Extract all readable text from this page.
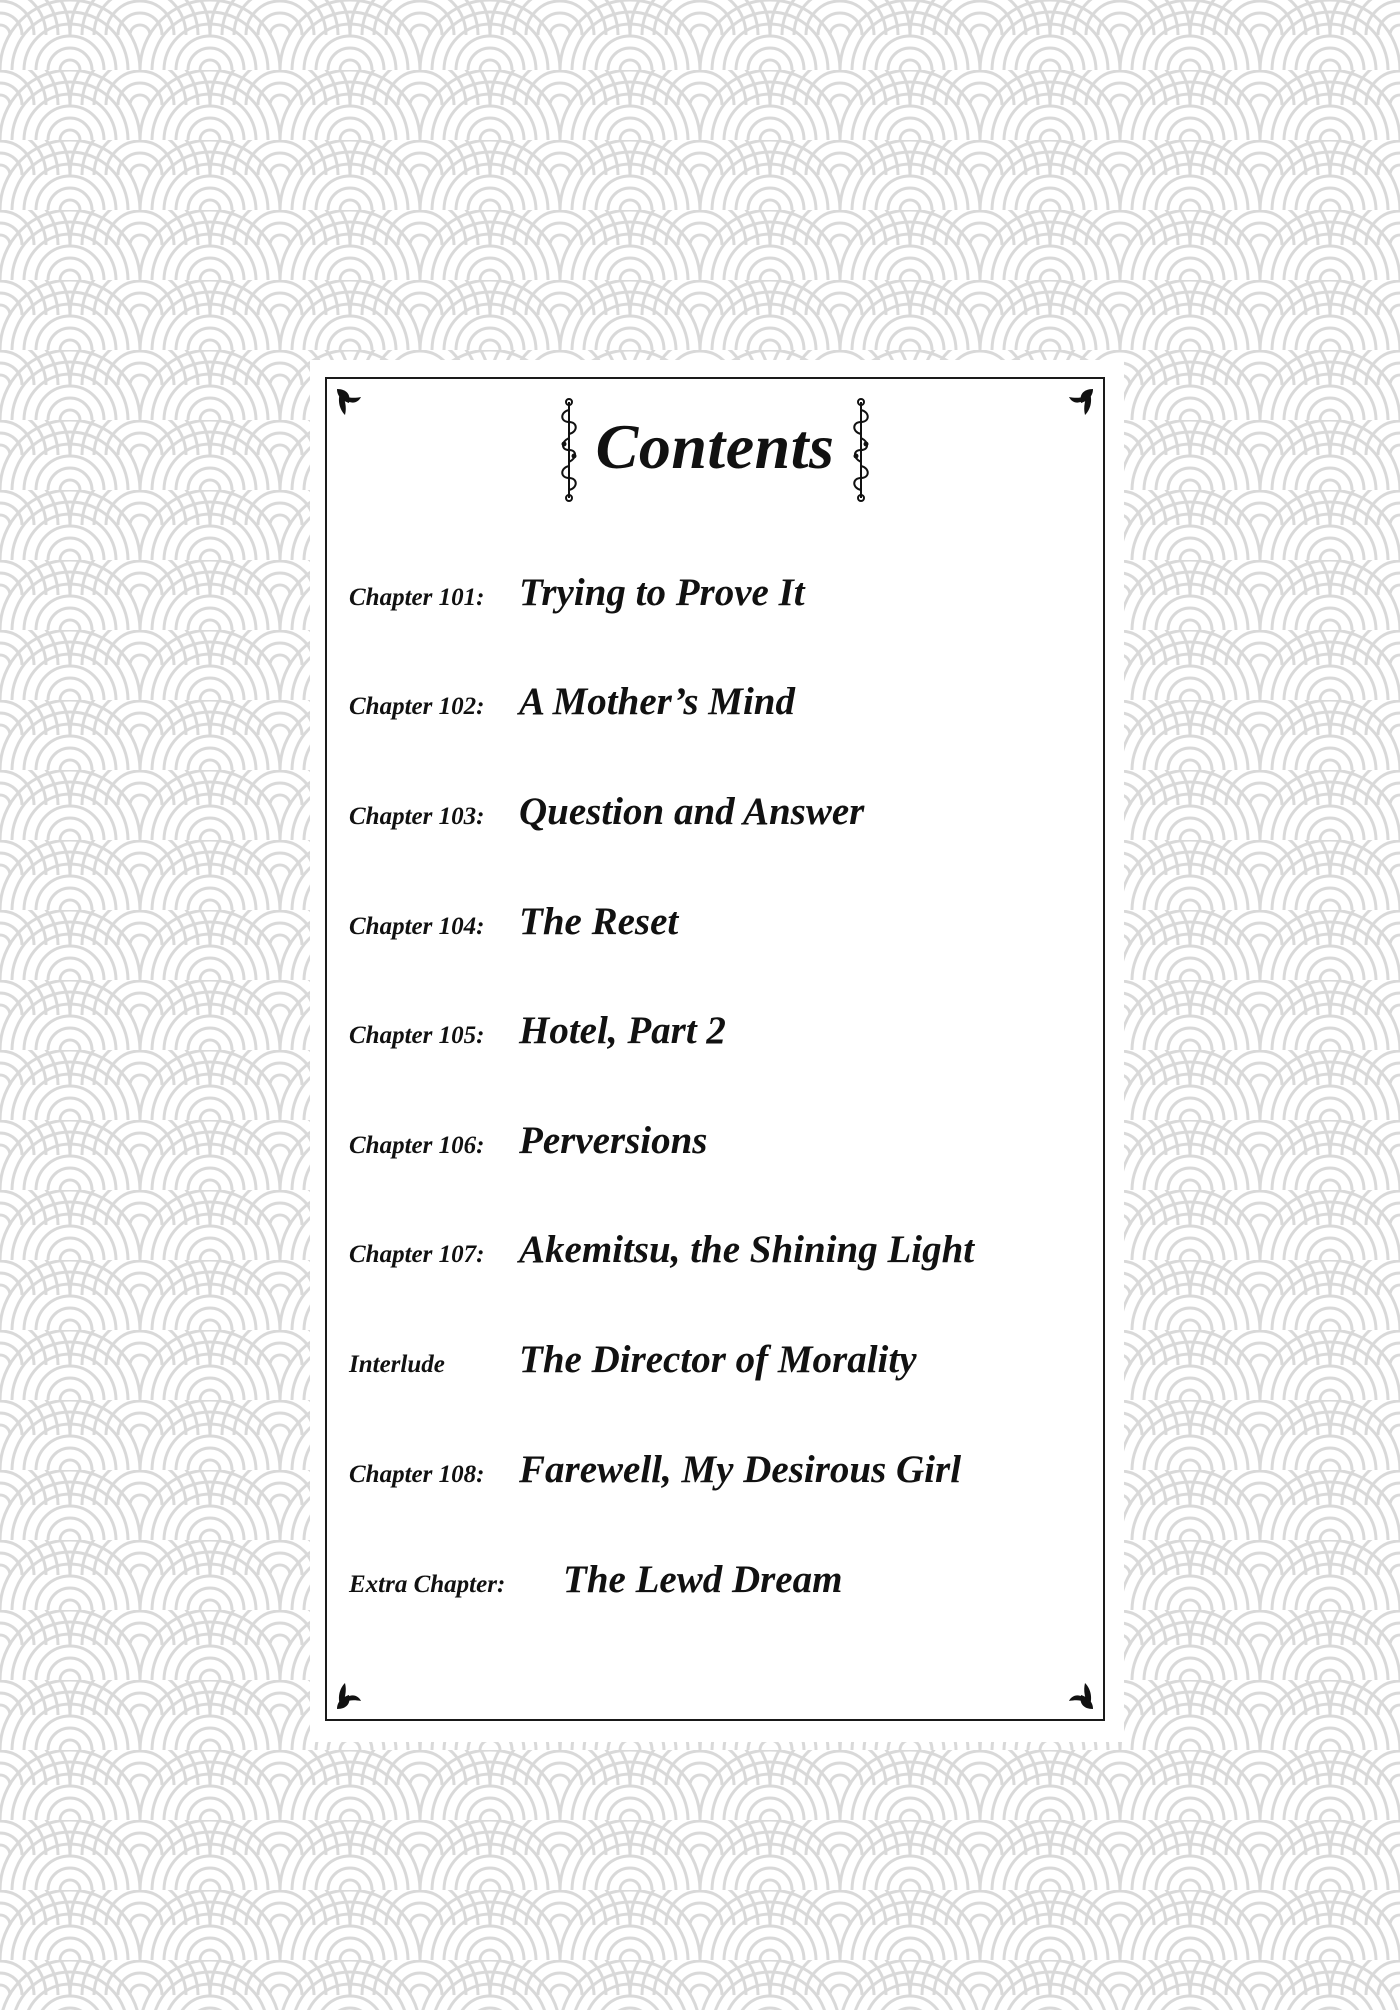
Contents
Chapter 101: Trying to Prove It
Chapter 102: A Mother’s Mind
Chapter 103: Question and Answer
Chapter 104: The Reset
Chapter 105: Hotel, Part 2
Chapter 106: Perversions
Chapter 107: Akemitsu, the Shining Light
Interlude	The Director of Morality
Chapter 108: Farewell, My Desirous Girl
Extra Chapter:	The Lewd Dream
